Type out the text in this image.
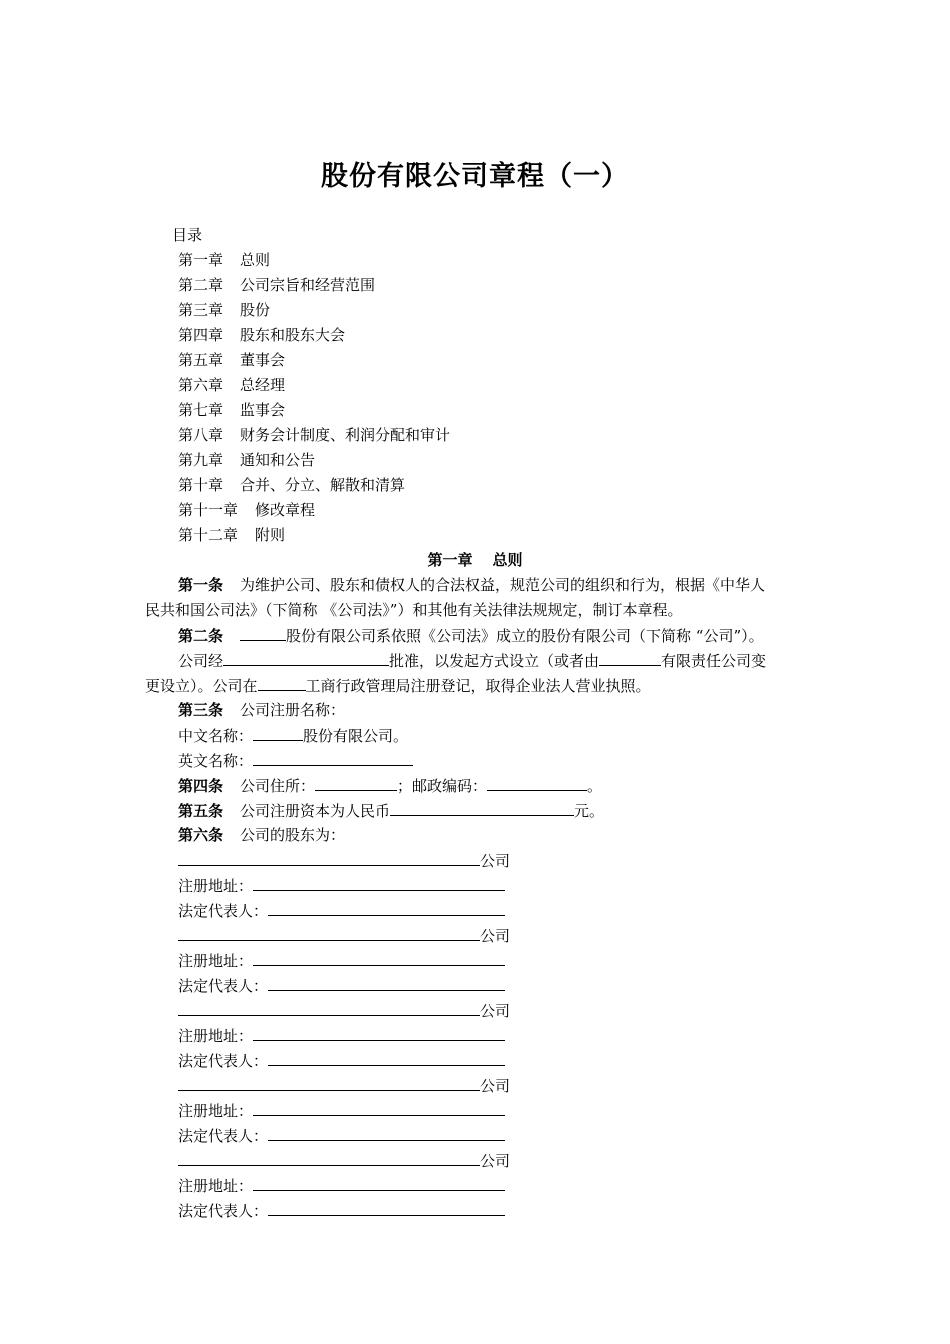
股份有限公司章程（一）
目录
第一章 总则
第二章 公司宗旨和经营范围
第三章 股份
第四章 股东和股东大会
第五章 董事会
第六章 总经理
第七章 监事会
第八章 财务会计制度、利润分配和审计
第九章 通知和公告
第十章 合并、分立、解散和清算
第十一章 修改章程
第十二章 附则
第一章 总则
第一条 为维护公司、股东和债权人的合法权益，规范公司的组织和行为，根据《中华人
民共和国公司法》（下简称 《公司法》”）和其他有关法律法规规定，制订本章程。
第二条	股份有限公司系依照《公司法》成立的股份有限公司（下简称 “公司”）。
公司经	批准，以发起方式设立（或者由	有限责任公司变
更设立）。公司在	工商行政管理局注册登记，取得企业法人营业执照。
第三条 公司注册名称：
中文名称：	股份有限公司。
英文名称：
第四条 公司住所：	；邮政编码：	。
第五条 公司注册资本为人民币	元。
第六条 公司的股东为：
公司
注册地址：
法定代表人：
公司
注册地址：
法定代表人：
公司
注册地址：
法定代表人：
公司
注册地址：
法定代表人：
公司
注册地址：
法定代表人：
